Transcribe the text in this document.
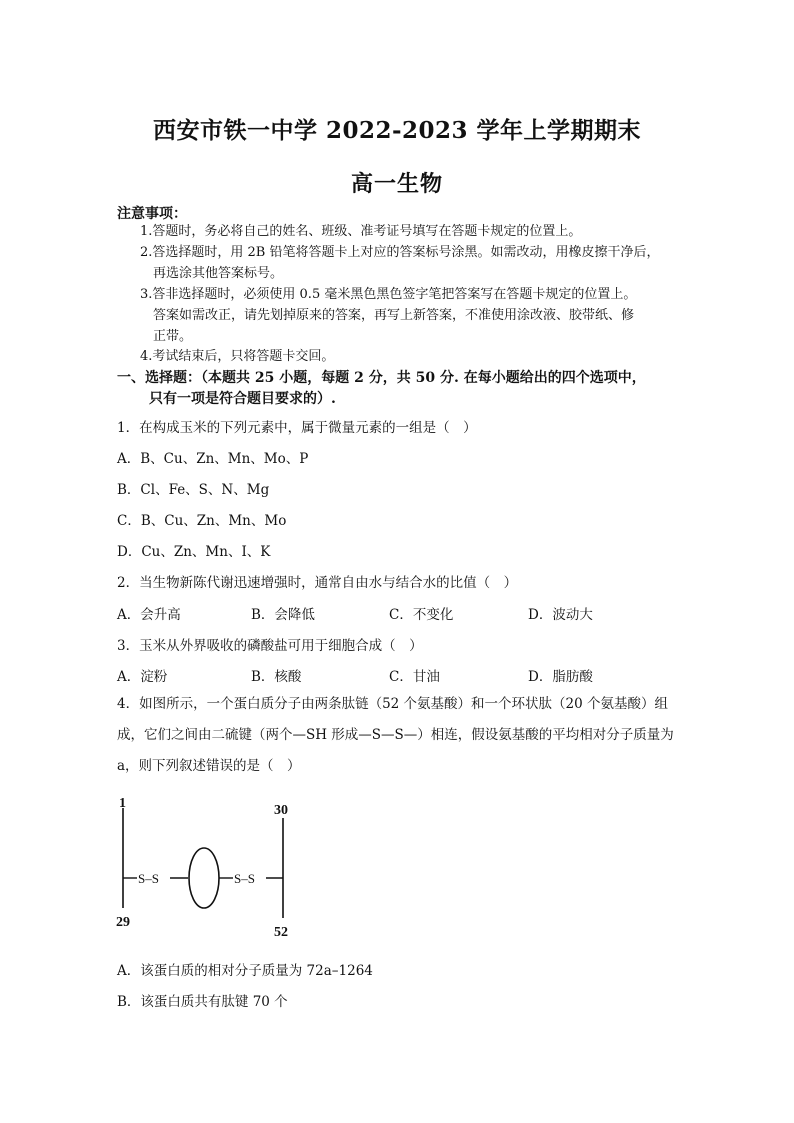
西安市铁一中学 2022-2023 学年上学期期末
高一生物
注意事项：
1.答题时，务必将自己的姓名、班级、准考证号填写在答题卡规定的位置上。
2.答选择题时，用 2B 铅笔将答题卡上对应的答案标号涂黑。如需改动，用橡皮擦干净后，
再选涂其他答案标号。
3.答非选择题时，必须使用 0.5 毫米黑色黑色签字笔把答案写在答题卡规定的位置上。
答案如需改正，请先划掉原来的答案，再写上新答案，不准使用涂改液、胶带纸、修
正带。
4.考试结束后，只将答题卡交回。
一、选择题：（本题共 25 小题，每题 2 分，共 50 分. 在每小题给出的四个选项中，
只有一项是符合题目要求的）.
1．在构成玉米的下列元素中，属于微量元素的一组是（　）
A．B、Cu、Zn、Mn、Mo、P
B．Cl、Fe、S、N、Mg
C．B、Cu、Zn、Mn、Mo
D．Cu、Zn、Mn、I、K
2．当生物新陈代谢迅速增强时，通常自由水与结合水的比值（　）
A．会升高	B．会降低	C．不变化	D．波动大
3．玉米从外界吸收的磷酸盐可用于细胞合成（　）
A．淀粉	B．核酸	C．甘油	D．脂肪酸
4．如图所示，一个蛋白质分子由两条肽链（52 个氨基酸）和一个环状肽（20 个氨基酸）组
成，它们之间由二硫键（两个—SH 形成—S—S—）相连，假设氨基酸的平均相对分子质量为
a，则下列叙述错误的是（　）
1
29
S–S	S–S
30
52
A．该蛋白质的相对分子质量为 72a–1264
B．该蛋白质共有肽键 70 个
